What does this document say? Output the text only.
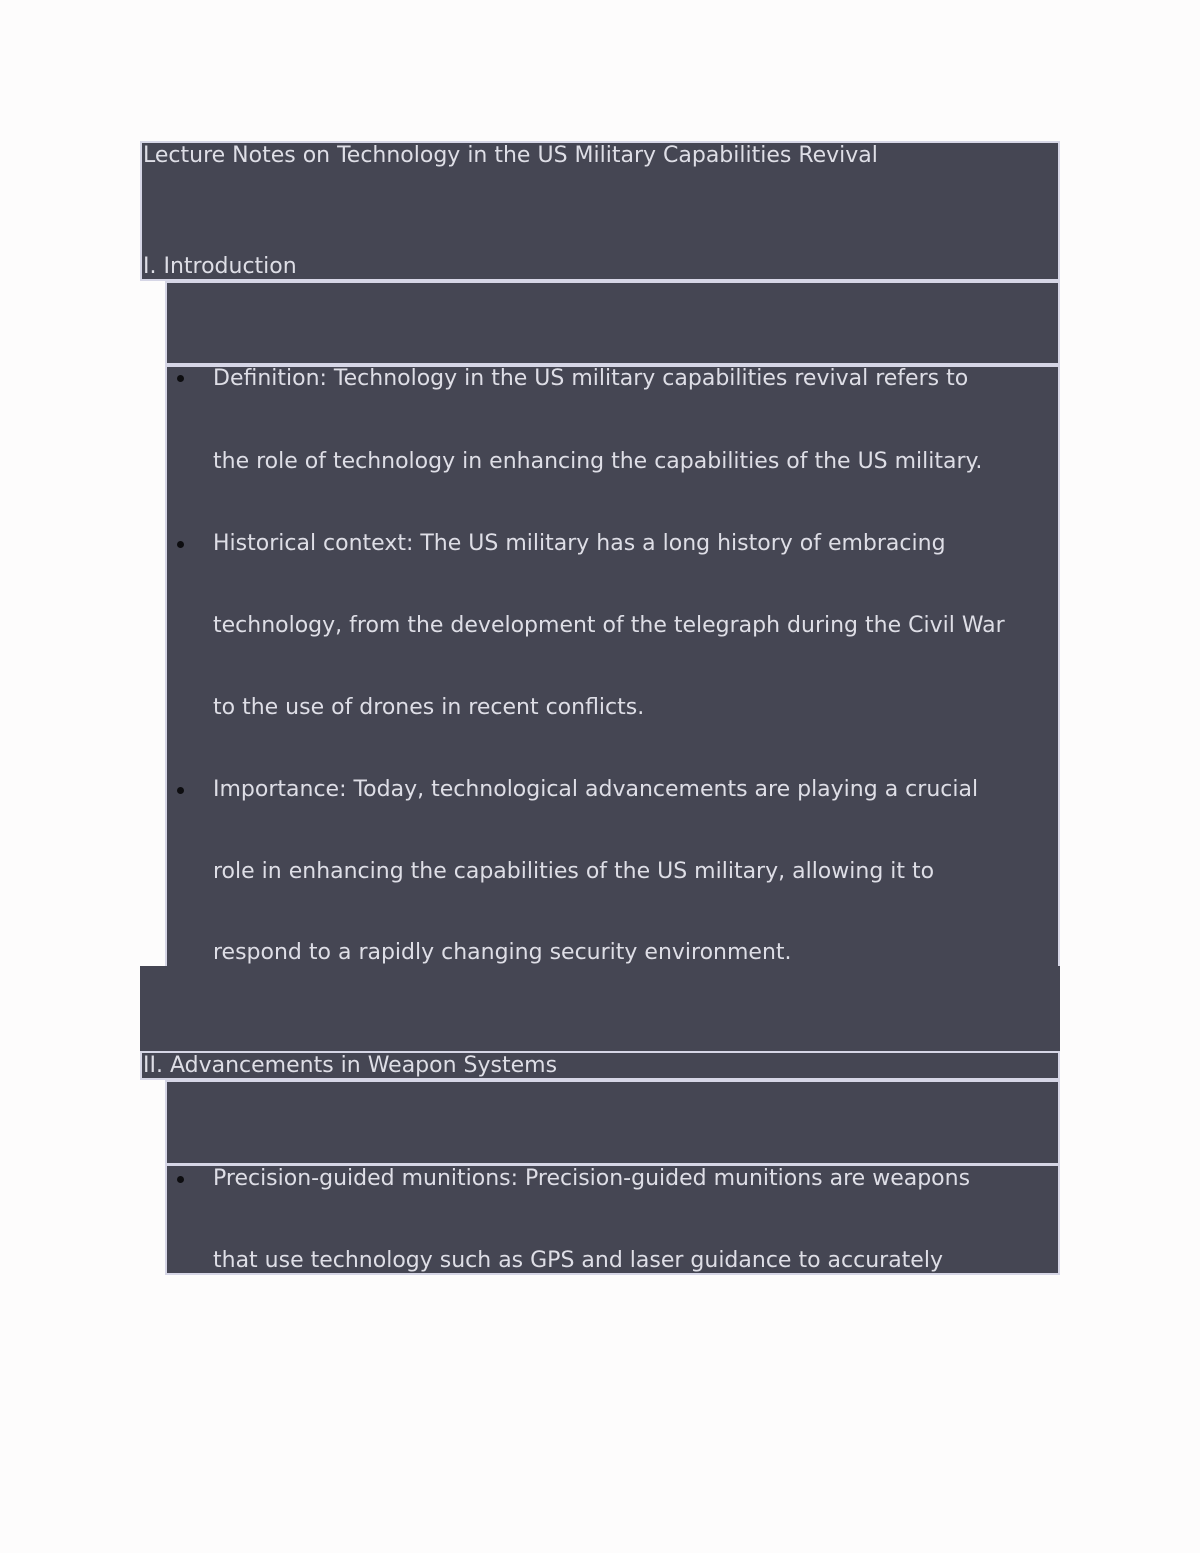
Lecture Notes on Technology in the US Military Capabilities Revival
I. Introduction
Definition: Technology in the US military capabilities revival refers to
the role of technology in enhancing the capabilities of the US military.
Historical context: The US military has a long history of embracing
technology, from the development of the telegraph during the Civil War
to the use of drones in recent conflicts.
Importance: Today, technological advancements are playing a crucial
role in enhancing the capabilities of the US military, allowing it to
respond to a rapidly changing security environment.
II. Advancements in Weapon Systems
Precision-guided munitions: Precision-guided munitions are weapons
that use technology such as GPS and laser guidance to accurately
